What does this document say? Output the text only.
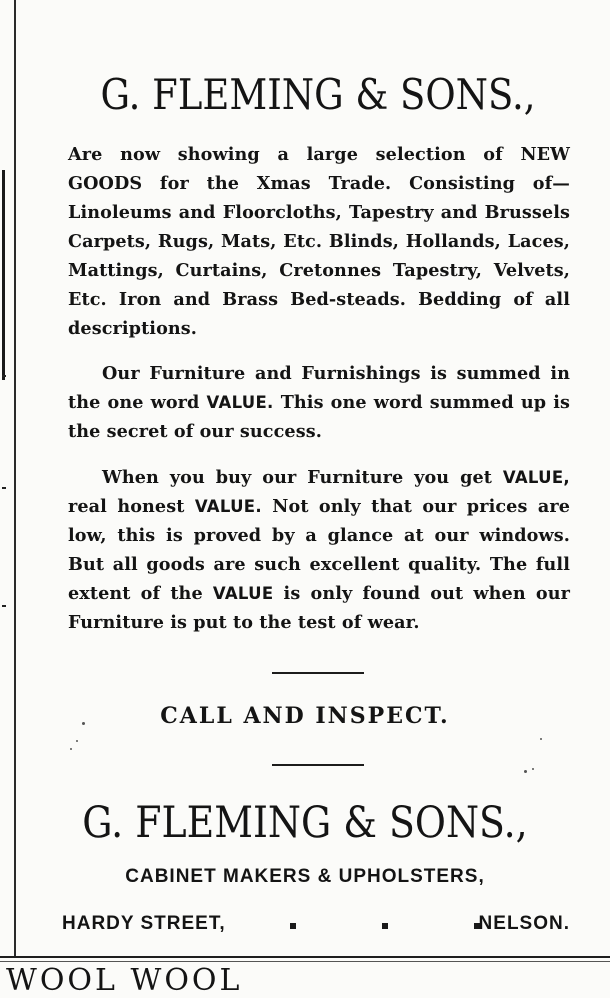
G. FLEMING & SONS.,
Are now showing a large selection of NEW GOODS for the Xmas Trade. Consisting of— Linoleums and Floorcloths, Tapestry and Brussels Carpets, Rugs, Mats, Etc. Blinds, Hollands, Laces, Mattings, Curtains, Cretonnes Tapestry, Velvets, Etc. Iron and Brass Bed-steads. Bedding of all descriptions.
Our Furniture and Furnishings is summed in the one word VALUE. This one word summed up is the secret of our success.
When you buy our Furniture you get VALUE, real honest VALUE. Not only that our prices are low, this is proved by a glance at our windows. But all goods are such excellent quality. The full extent of the VALUE is only found out when our Furniture is put to the test of wear.
CALL AND INSPECT.
G. FLEMING & SONS.,
CABINET MAKERS & UPHOLSTERS,
HARDY STREET,	NELSON.
WOOL WOOL
